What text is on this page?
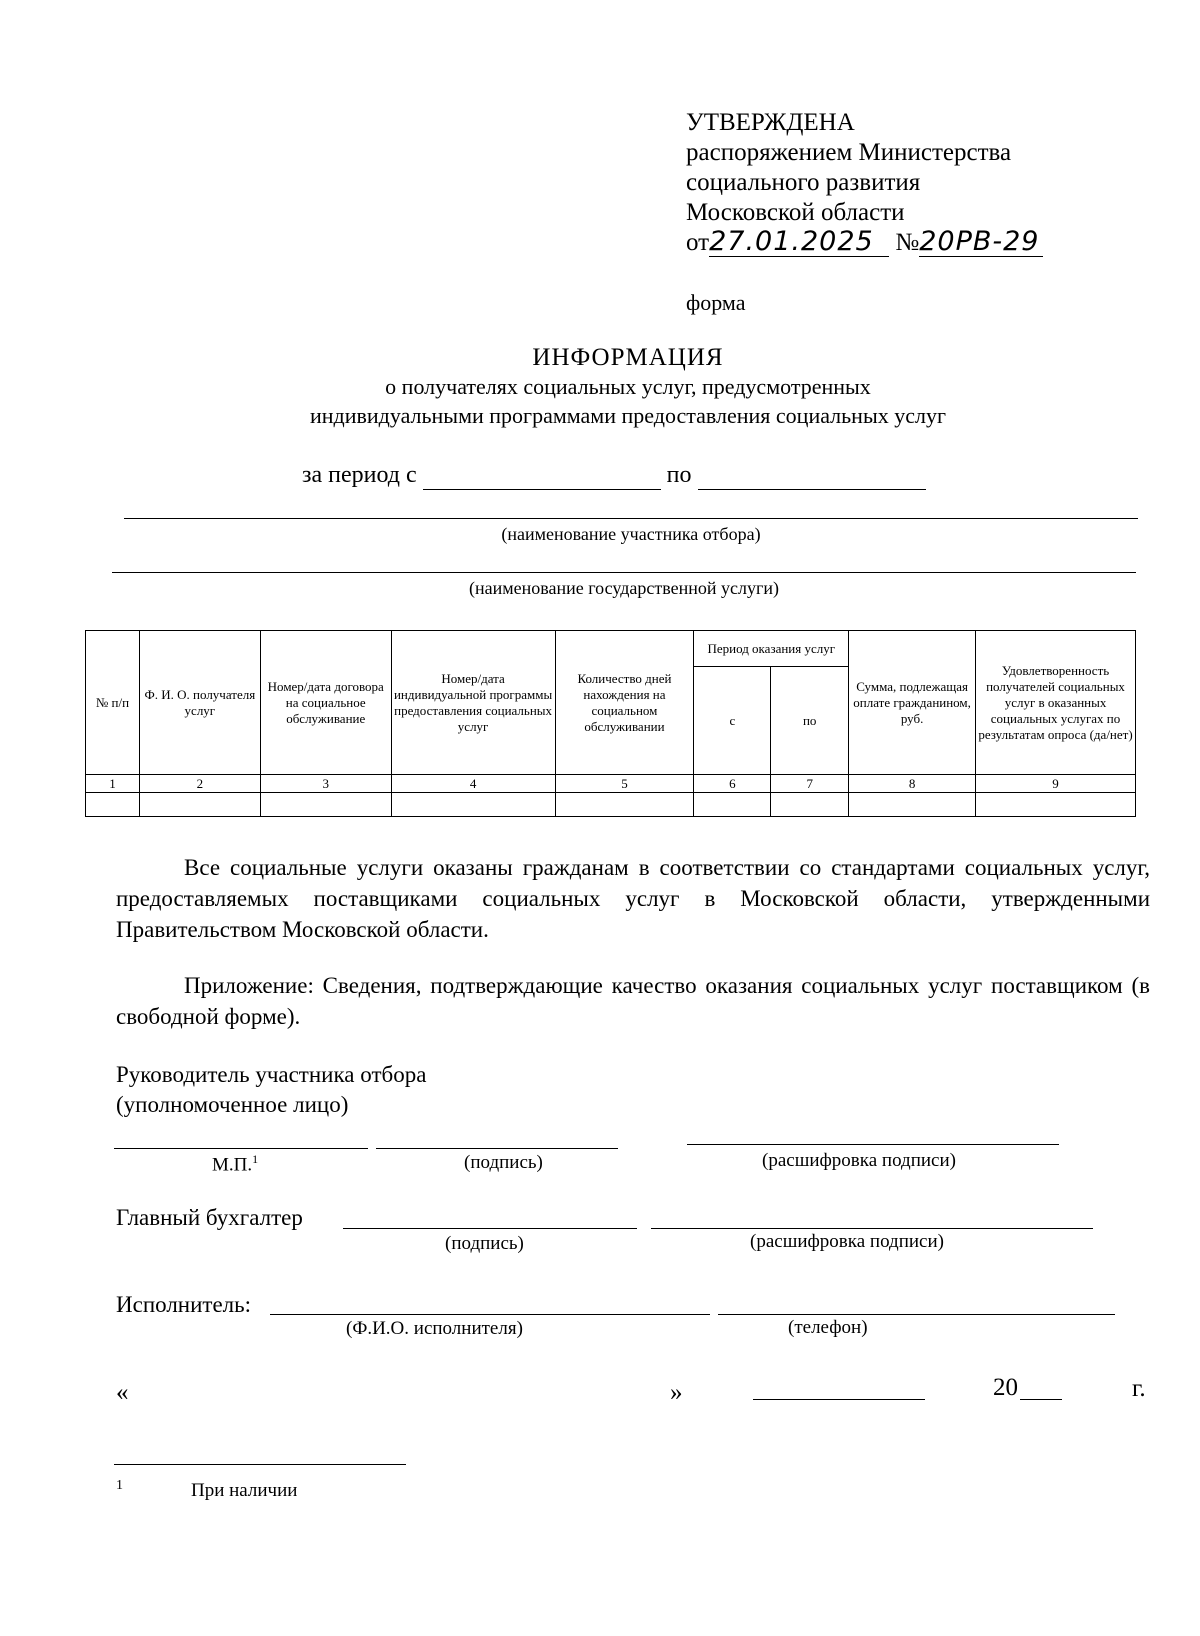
УТВЕРЖДЕНА
распоряжением Министерства
социального развития
Московской области
от27.01.2025 №20РВ-29
форма
ИНФОРМАЦИЯ
о получателях социальных услуг, предусмотренных
индивидуальными программами предоставления социальных услуг
за период с	по
(наименование участника отбора)
(наименование государственной услуги)
№ п/п	Ф. И. О. получателя услуг	Номер/дата договора на социальное обслуживание	Номер/дата индивидуальной программы предоставления социальных услуг	Количество дней нахождения на социальном обслуживании	Период оказания услуг		Сумма, подлежащая оплате гражданином, руб.	Удовлетворенность получателей социальных услуг в оказанных социальных услугах по результатам опроса (да/нет)
					с	по		
1	2	3	4	5	6	7	8	9

Все социальные услуги оказаны гражданам в соответствии со стандартами социальных услуг, предоставляемых поставщиками социальных услуг в Московской области, утвержденными Правительством Московской области.
Приложение: Сведения, подтверждающие качество оказания социальных услуг поставщиком (в свободной форме).
Руководитель участника отбора
(уполномоченное лицо)
М.П.$^1$	(подпись)	(расшифровка подписи)
Главный бухгалтер
(подпись)	(расшифровка подписи)
Исполнитель:
(Ф.И.О. исполнителя)	(телефон)
«	»	20	г.
1	При наличии
